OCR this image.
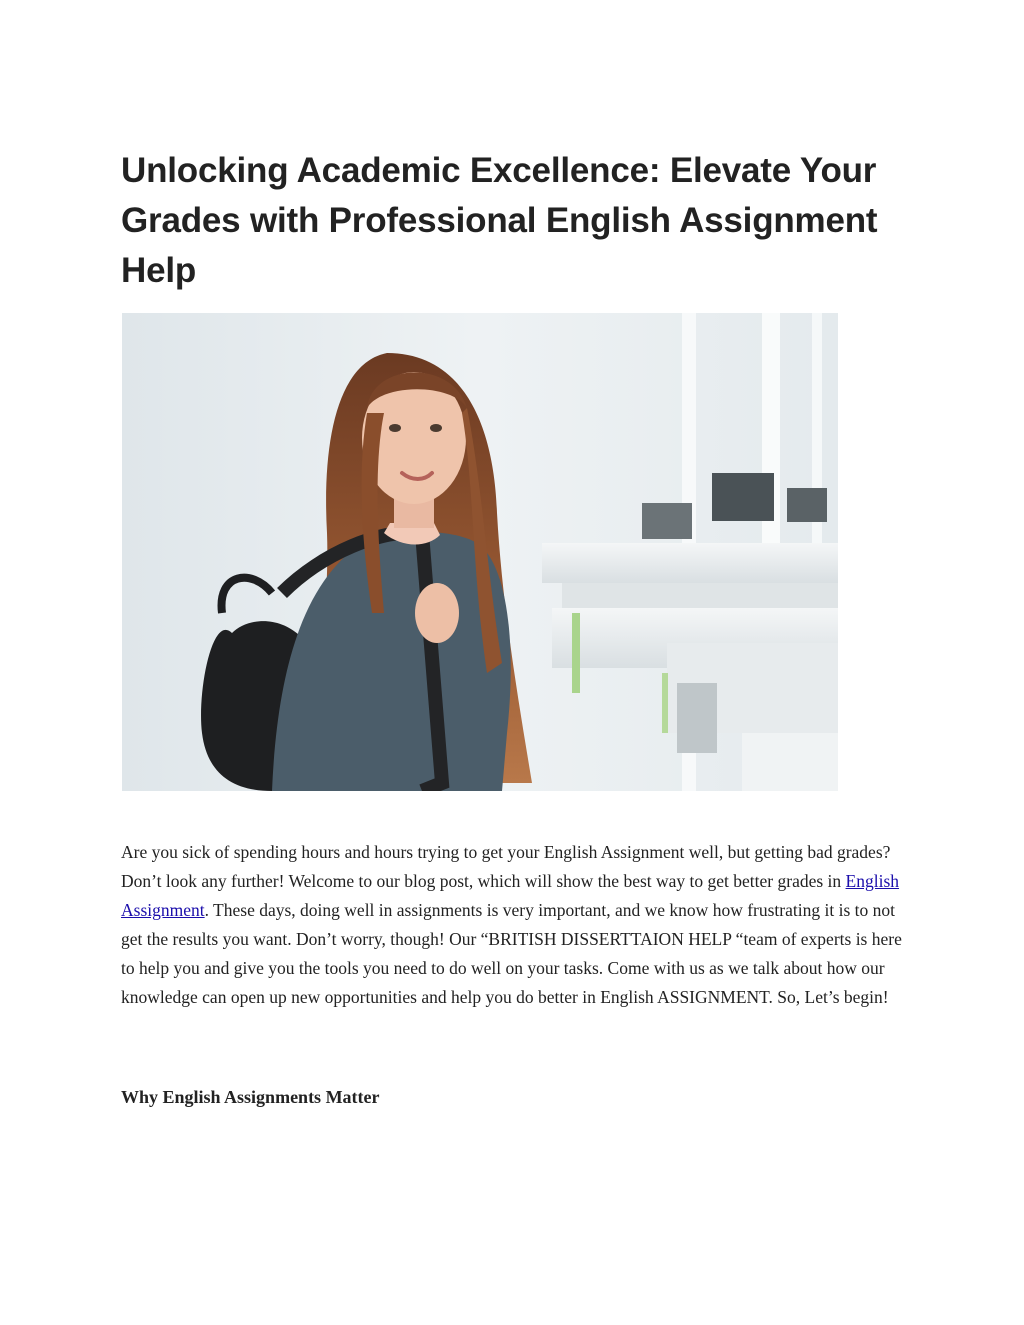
Unlocking Academic Excellence: Elevate Your Grades with Professional English Assignment Help

Are you sick of spending hours and hours trying to get your English Assignment well, but getting bad grades? Don’t look any further! Welcome to our blog post, which will show the best way to get better grades in English Assignment. These days, doing well in assignments is very important, and we know how frustrating it is to not get the results you want. Don’t worry, though! Our “BRITISH DISSERTTAION HELP “team of experts is here to help you and give you the tools you need to do well on your tasks. Come with us as we talk about how our knowledge can open up new opportunities and help you do better in English ASSIGNMENT. So, Let’s begin!

Why English Assignments Matter
